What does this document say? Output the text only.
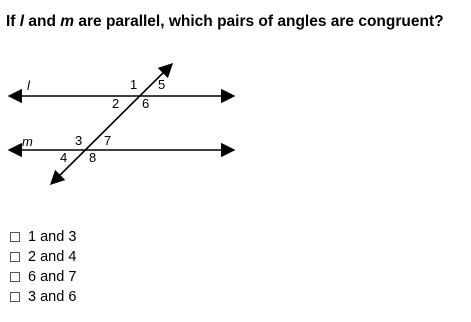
If l and m are parallel, which pairs of angles are congruent?
l
m
1
2
5
6
3
4
7
8
1 and 3
2 and 4
6 and 7
3 and 6
